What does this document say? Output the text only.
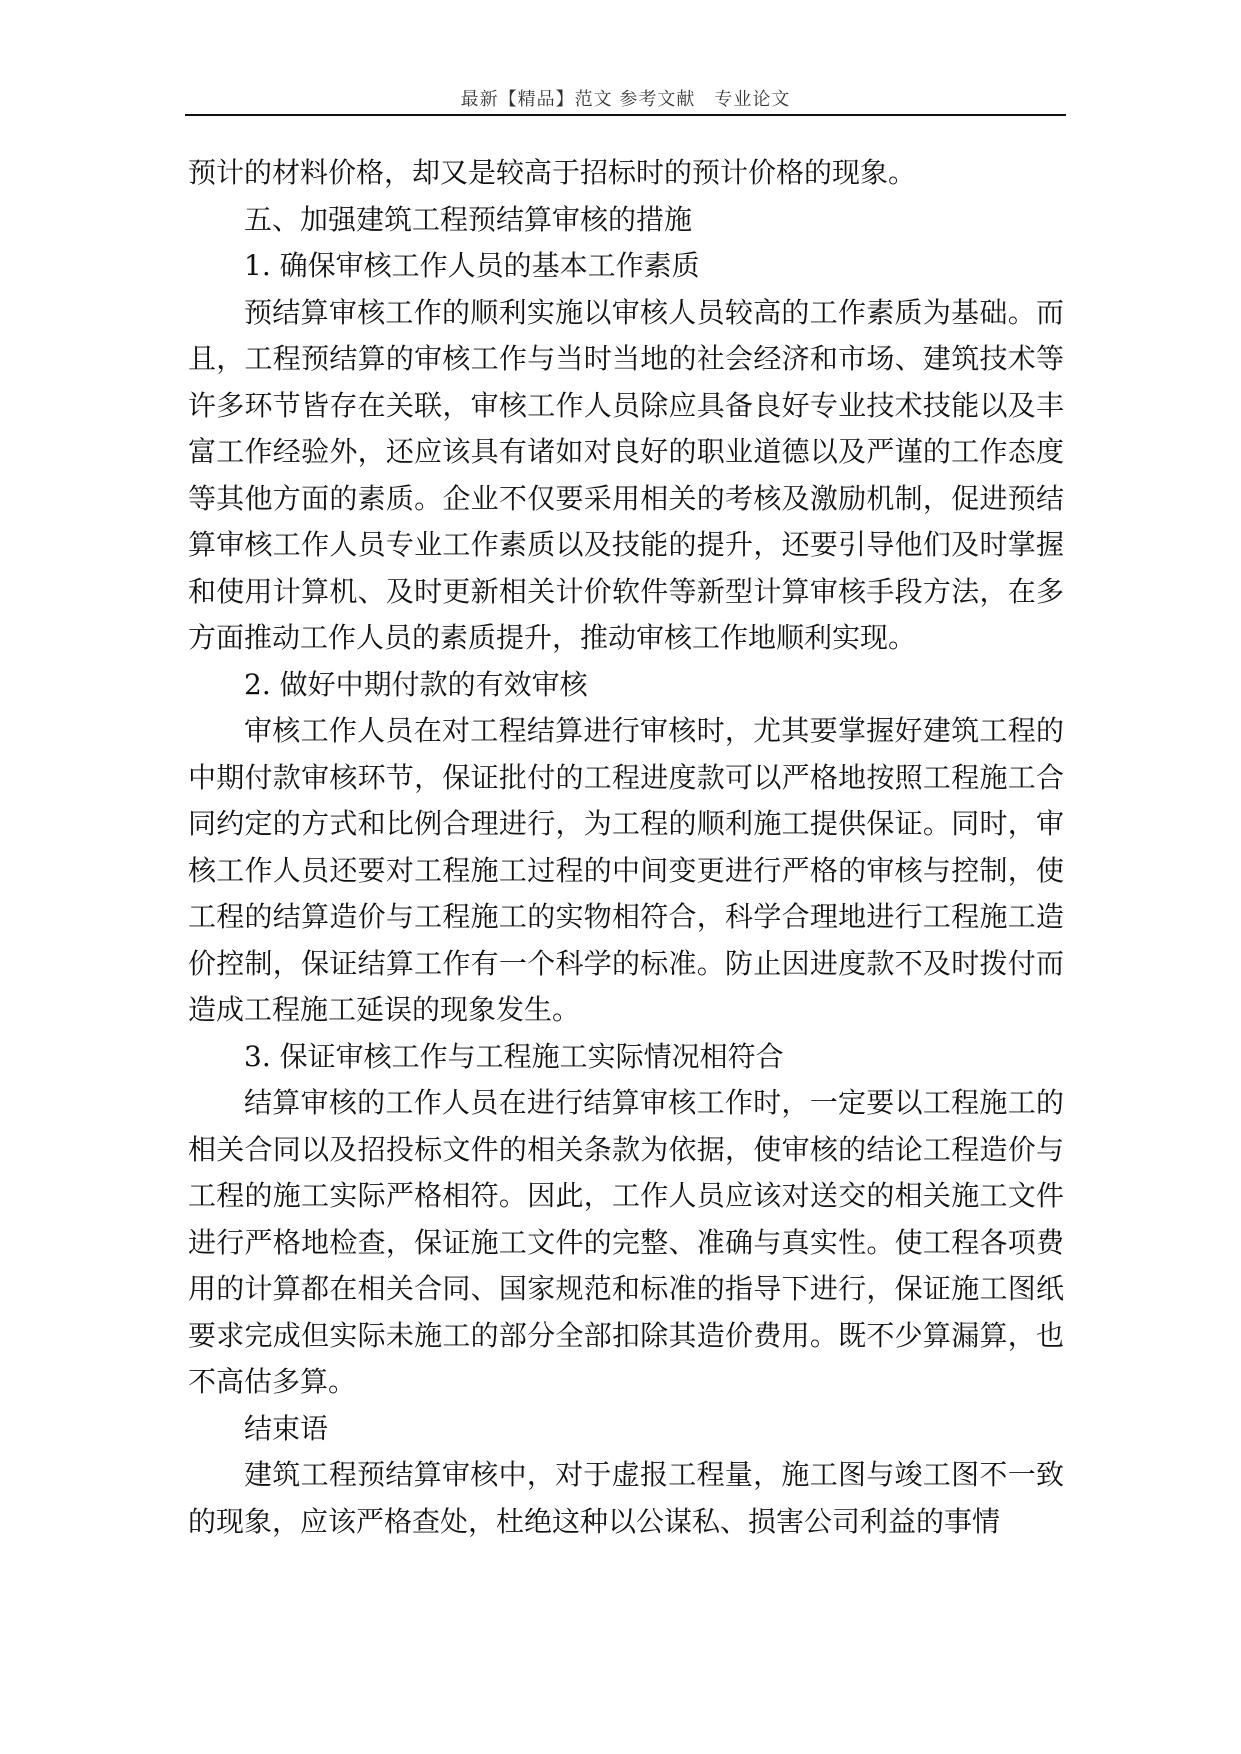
最新【精品】范文 参考文献　专业论文

预计的材料价格，却又是较高于招标时的预计价格的现象。

五、加强建筑工程预结算审核的措施

1. 确保审核工作人员的基本工作素质

预结算审核工作的顺利实施以审核人员较高的工作素质为基础。而且，工程预结算的审核工作与当时当地的社会经济和市场、建筑技术等许多环节皆存在关联，审核工作人员除应具备良好专业技术技能以及丰富工作经验外，还应该具有诸如对良好的职业道德以及严谨的工作态度等其他方面的素质。企业不仅要采用相关的考核及激励机制，促进预结算审核工作人员专业工作素质以及技能的提升，还要引导他们及时掌握和使用计算机、及时更新相关计价软件等新型计算审核手段方法，在多方面推动工作人员的素质提升，推动审核工作地顺利实现。

2. 做好中期付款的有效审核

审核工作人员在对工程结算进行审核时，尤其要掌握好建筑工程的中期付款审核环节，保证批付的工程进度款可以严格地按照工程施工合同约定的方式和比例合理进行，为工程的顺利施工提供保证。同时，审核工作人员还要对工程施工过程的中间变更进行严格的审核与控制，使工程的结算造价与工程施工的实物相符合，科学合理地进行工程施工造价控制，保证结算工作有一个科学的标准。防止因进度款不及时拨付而造成工程施工延误的现象发生。

3. 保证审核工作与工程施工实际情况相符合

结算审核的工作人员在进行结算审核工作时，一定要以工程施工的相关合同以及招投标文件的相关条款为依据，使审核的结论工程造价与工程的施工实际严格相符。因此，工作人员应该对送交的相关施工文件进行严格地检查，保证施工文件的完整、准确与真实性。使工程各项费用的计算都在相关合同、国家规范和标准的指导下进行，保证施工图纸要求完成但实际未施工的部分全部扣除其造价费用。既不少算漏算，也不高估多算。

结束语

建筑工程预结算审核中，对于虚报工程量，施工图与竣工图不一致的现象，应该严格查处，杜绝这种以公谋私、损害公司利益的事情
